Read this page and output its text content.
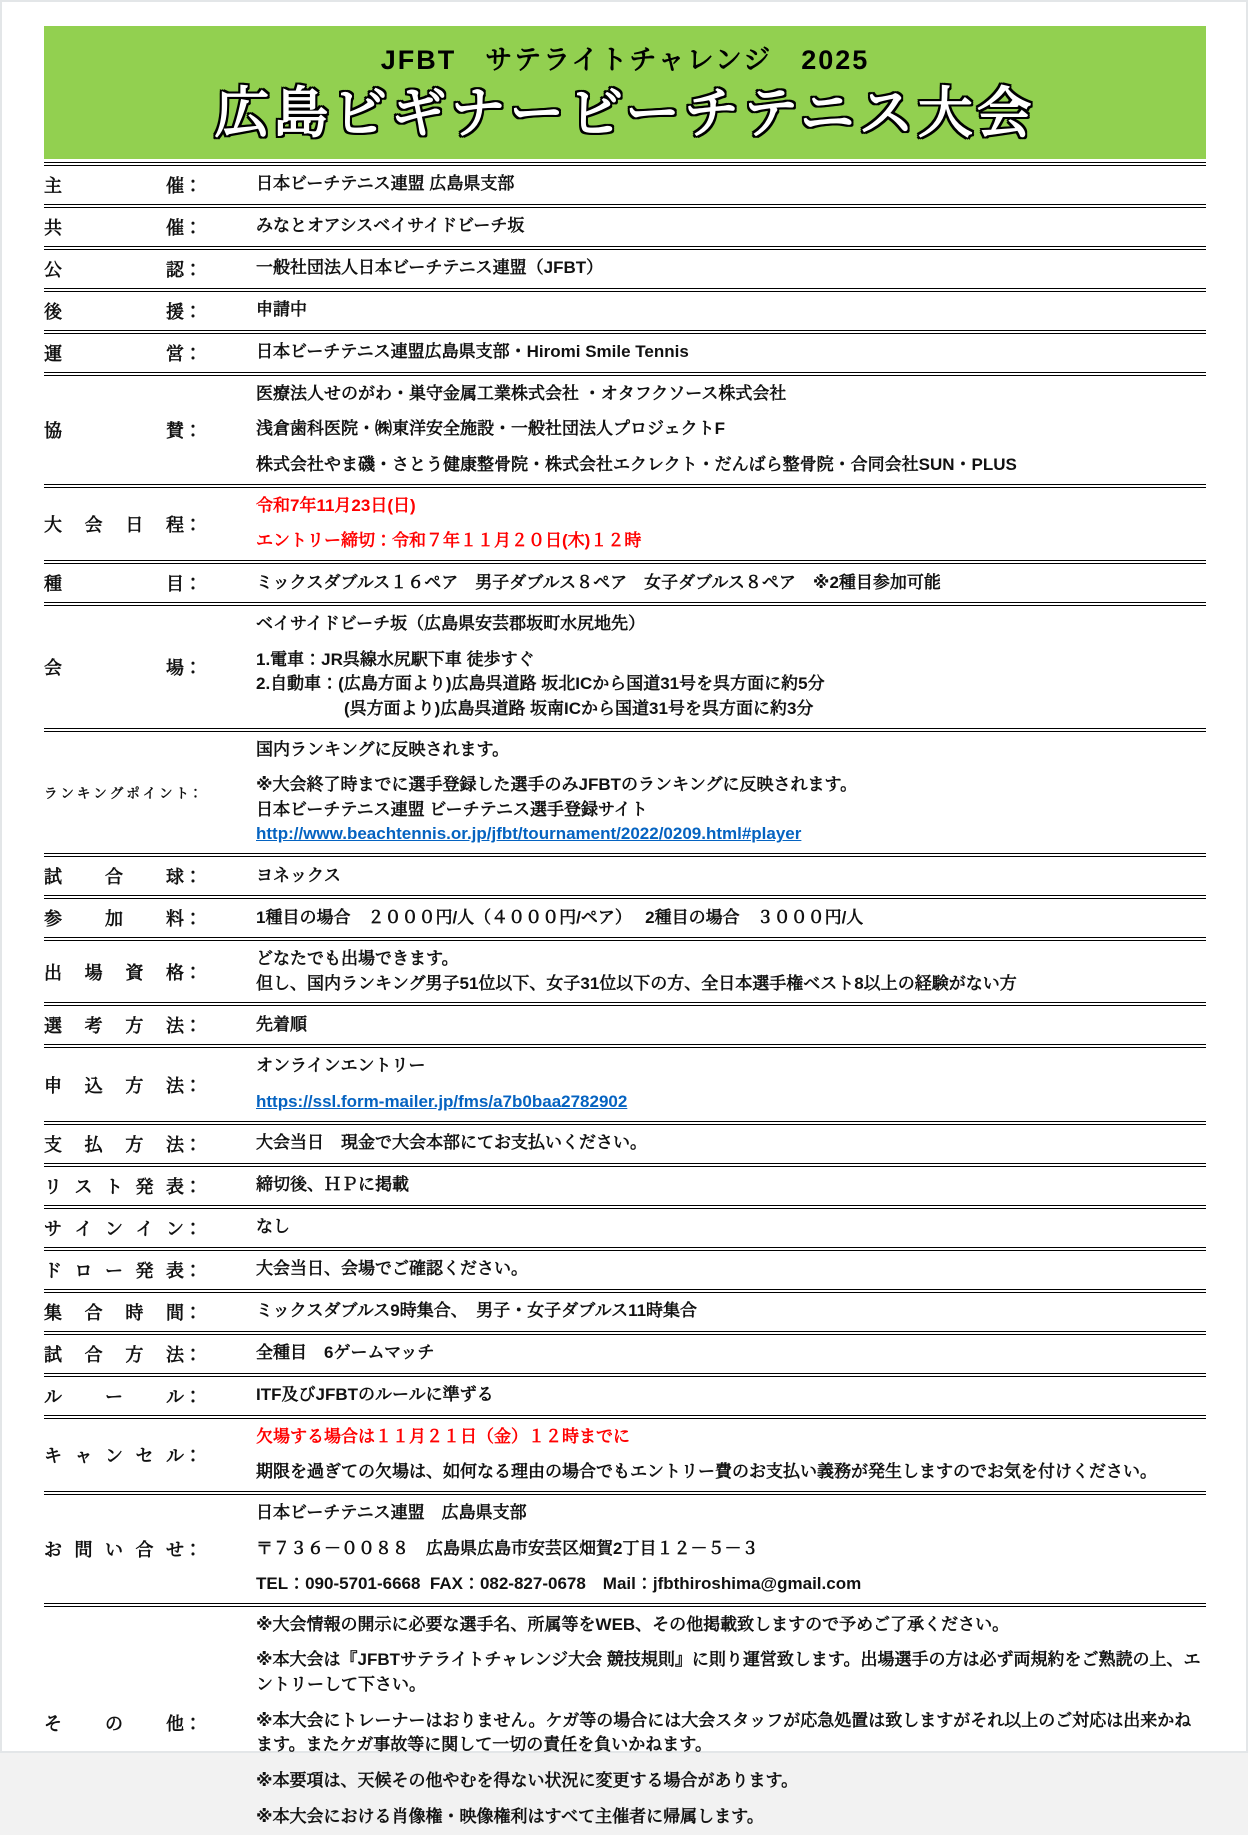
JFBT　サテライトチャレンジ　2025
広島ビギナービーチテニス大会
主	催：	日本ビーチテニス連盟 広島県支部
共	催：	みなとオアシスベイサイドビーチ坂
公	認：	一般社団法人日本ビーチテニス連盟（JFBT）
後	援：	申請中
運	営：	日本ビーチテニス連盟広島県支部・Hiromi Smile Tennis
協	賛：
医療法人せのがわ・巣守金属工業株式会社 ・オタフクソース株式会社
浅倉歯科医院・㈱東洋安全施設・一般社団法人プロジェクトF
株式会社やま磯・さとう健康整骨院・株式会社エクレクト・だんばら整骨院・合同会社SUN・PLUS
大 会 日 程：
令和7年11月23日(日)
エントリー締切：令和７年１１月２０日(木)１２時
種	目：	ミックスダブルス１６ペア　男子ダブルス８ペア　女子ダブルス８ペア　※2種目参加可能
会	場：
ベイサイドビーチ坂（広島県安芸郡坂町水尻地先）
1.電車：JR呉線水尻駅下車 徒歩すぐ
2.自動車：(広島方面より)広島呉道路 坂北ICから国道31号を呉方面に約5分
(呉方面より)広島呉道路 坂南ICから国道31号を呉方面に約3分
ラ ン キ ン グ ポ イ ン ト：
国内ランキングに反映されます。
※大会終了時までに選手登録した選手のみJFBTのランキングに反映されます。
日本ビーチテニス連盟 ビーチテニス選手登録サイト
http://www.beachtennis.or.jp/jfbt/tournament/2022/0209.html#player
試 合 球：	ヨネックス
参 加 料：	1種目の場合　２０００円/人（４０００円/ペア）　 2種目の場合　３０００円/人
出 場 資 格：
どなたでも出場できます。
但し、国内ランキング男子51位以下、女子31位以下の方、全日本選手権ベスト8以上の経験がない方
選 考 方 法：	先着順
申 込 方 法：
オンラインエントリー
https://ssl.form-mailer.jp/fms/a7b0baa2782902
支 払 方 法：	大会当日　現金で大会本部にてお支払いください。
リ ス ト 発 表：	締切後、ＨＰに掲載
サ イ ン イ ン：	なし
ド ロ ー 発 表：	大会当日、会場でご確認ください。
集 合 時 間：	ミックスダブルス9時集合、　男子・女子ダブルス11時集合
試 合 方 法：	全種目　6ゲームマッチ
ル ー ル：	ITF及びJFBTのルールに準ずる
キ ャ ン セ ル：
欠場する場合は１１月２１日（金）１２時までに
期限を過ぎての欠場は、如何なる理由の場合でもエントリー費のお支払い義務が発生しますのでお気を付けください。
お 問 い 合 せ：
日本ビーチテニス連盟　広島県支部
〒７３６－００８８　広島県広島市安芸区畑賀2丁目１２－５－３
TEL：090-5701-6668  FAX：082-827-0678　Mail：jfbthiroshima@gmail.com
そ の 他：
※大会情報の開示に必要な選手名、所属等をWEB、その他掲載致しますので予めご了承ください。
※本大会は『JFBTサテライトチャレンジ大会 競技規則』に則り運営致します。出場選手の方は必ず両規約をご熟読の上、エントリーして下さい。
※本大会にトレーナーはおりません。ケガ等の場合には大会スタッフが応急処置は致しますがそれ以上のご対応は出来かねます。またケガ事故等に関して一切の責任を負いかねます。
※本要項は、天候その他やむを得ない状況に変更する場合があります。
※本大会における肖像権・映像権利はすべて主催者に帰属します。
